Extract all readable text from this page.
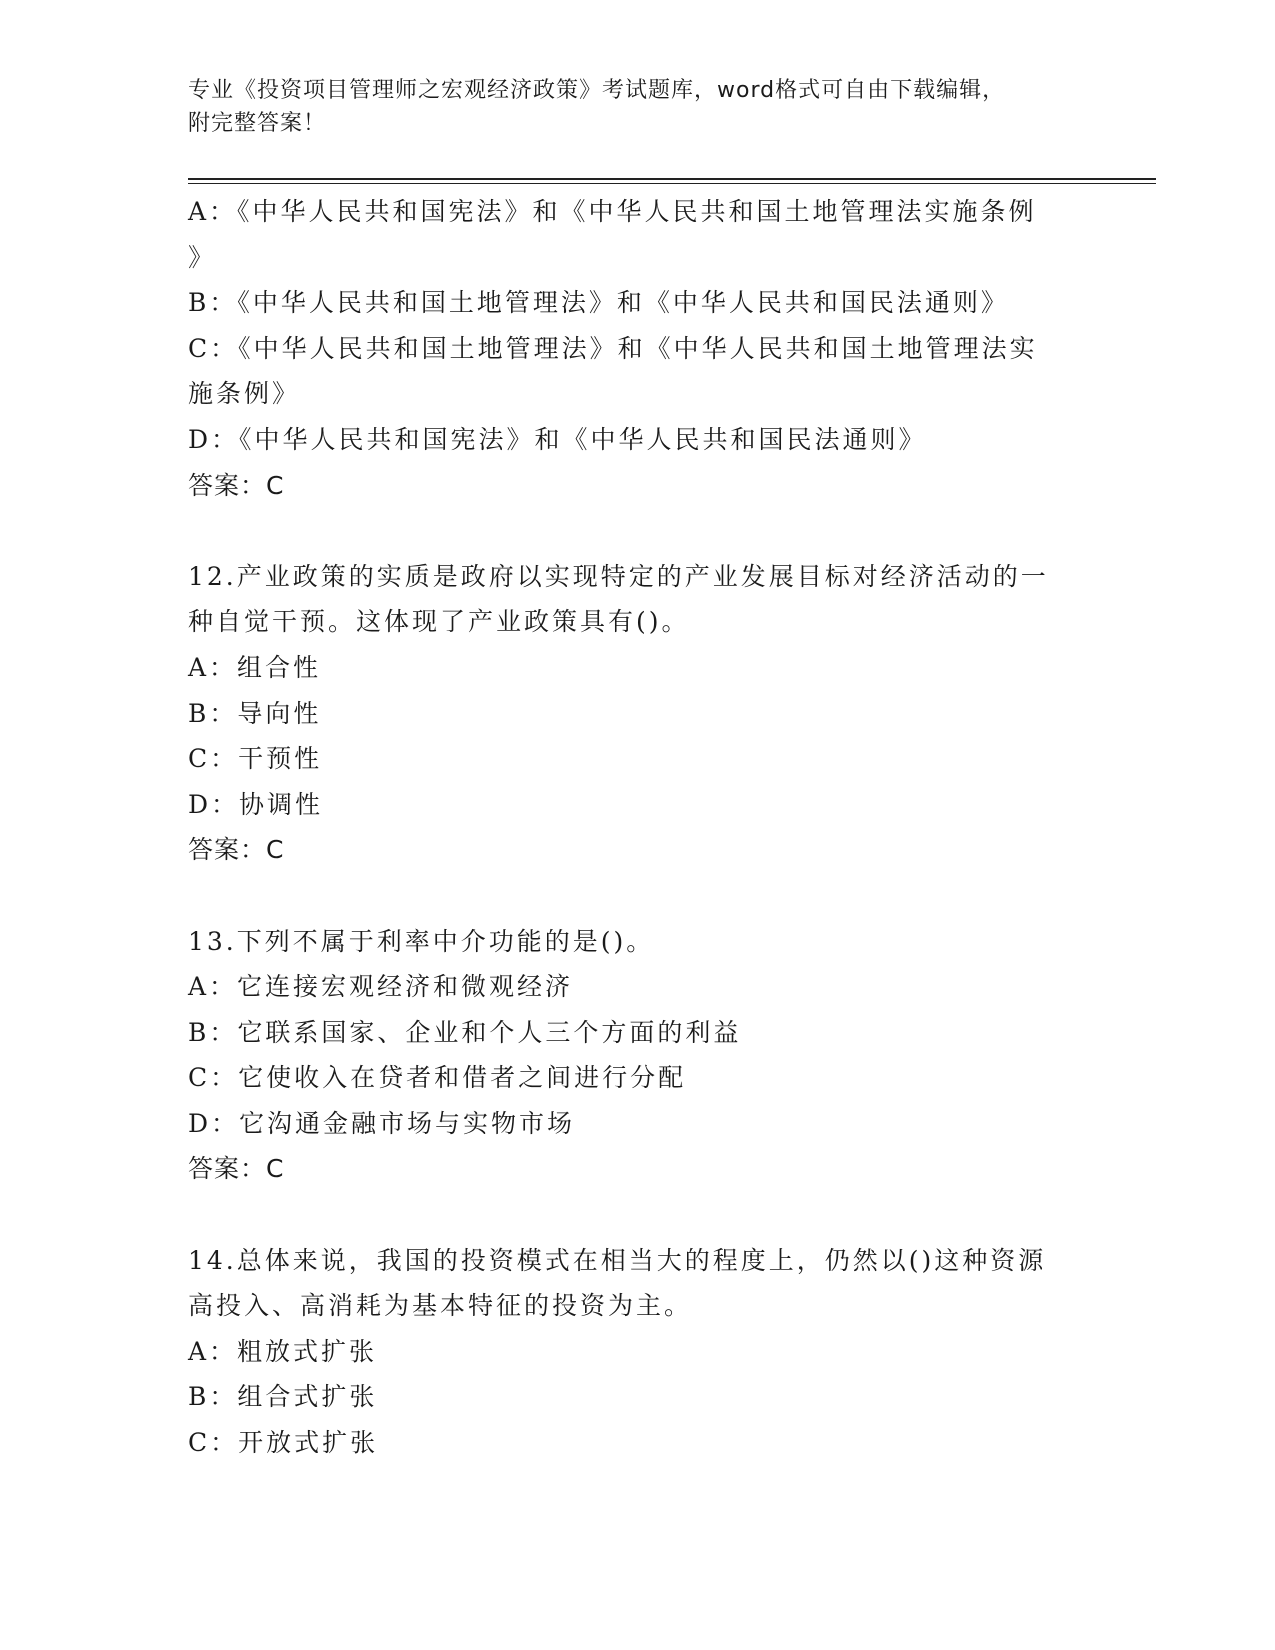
专业《投资项目管理师之宏观经济政策》考试题库，word格式可自由下载编辑，
附完整答案！
A：《中华人民共和国宪法》和《中华人民共和国土地管理法实施条例
》
B：《中华人民共和国土地管理法》和《中华人民共和国民法通则》
C：《中华人民共和国土地管理法》和《中华人民共和国土地管理法实
施条例》
D：《中华人民共和国宪法》和《中华人民共和国民法通则》
答案：C
12.产业政策的实质是政府以实现特定的产业发展目标对经济活动的一
种自觉干预。这体现了产业政策具有()。
A：组合性
B：导向性
C：干预性
D：协调性
答案：C
13.下列不属于利率中介功能的是()。
A：它连接宏观经济和微观经济
B：它联系国家、企业和个人三个方面的利益
C：它使收入在贷者和借者之间进行分配
D：它沟通金融市场与实物市场
答案：C
14.总体来说，我国的投资模式在相当大的程度上，仍然以()这种资源
高投入、高消耗为基本特征的投资为主。
A：粗放式扩张
B：组合式扩张
C：开放式扩张
